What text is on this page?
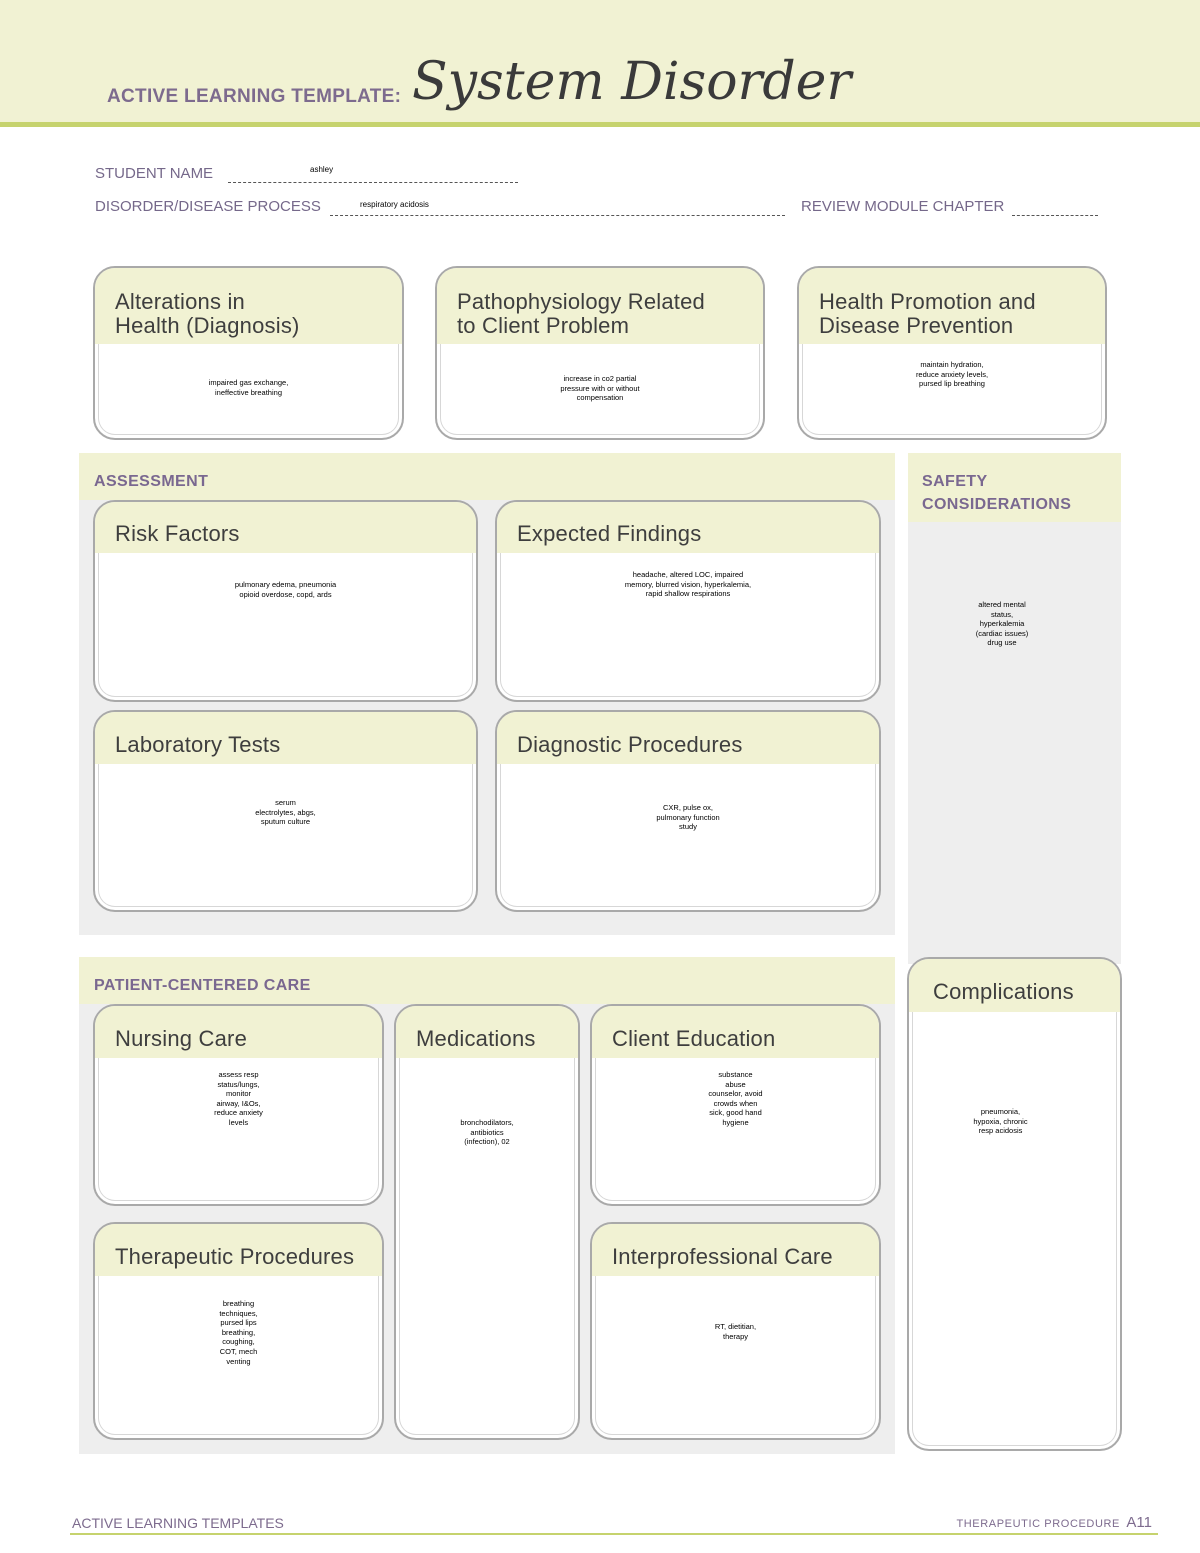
ACTIVE LEARNING TEMPLATE: System Disorder
STUDENT NAME	ashley
DISORDER/DISEASE PROCESS	respiratory acidosis	REVIEW MODULE CHAPTER
Alterations in
Health (Diagnosis)
impaired gas exchange,
ineffective breathing
Pathophysiology Related
to Client Problem
increase in co2 partial
pressure with or without
compensation
Health Promotion and
Disease Prevention
maintain hydration,
reduce anxiety levels,
pursed lip breathing
ASSESSMENT
Risk Factors
pulmonary edema, pneumonia
opioid overdose, copd, ards
Expected Findings
headache, altered LOC, impaired
memory, blurred vision, hyperkalemia,
rapid shallow respirations
Laboratory Tests
serum
electrolytes, abgs,
sputum culture
Diagnostic Procedures
CXR, pulse ox,
pulmonary function
study
SAFETY
CONSIDERATIONS
altered mental
status,
hyperkalemia
(cardiac issues)
drug use
PATIENT-CENTERED CARE
Nursing Care
assess resp
status/lungs,
monitor
airway, I&Os,
reduce anxiety
levels
Medications
bronchodilators,
antibiotics
(infection), 02
Client Education
substance
abuse
counselor, avoid
crowds when
sick, good hand
hygiene
Therapeutic Procedures
breathing
techniques,
pursed lips
breathing,
coughing,
COT, mech
venting
Interprofessional Care
RT, dietitian,
therapy
Complications
pneumonia,
hypoxia, chronic
resp acidosis
ACTIVE LEARNING TEMPLATES	THERAPEUTIC PROCEDURE A11
